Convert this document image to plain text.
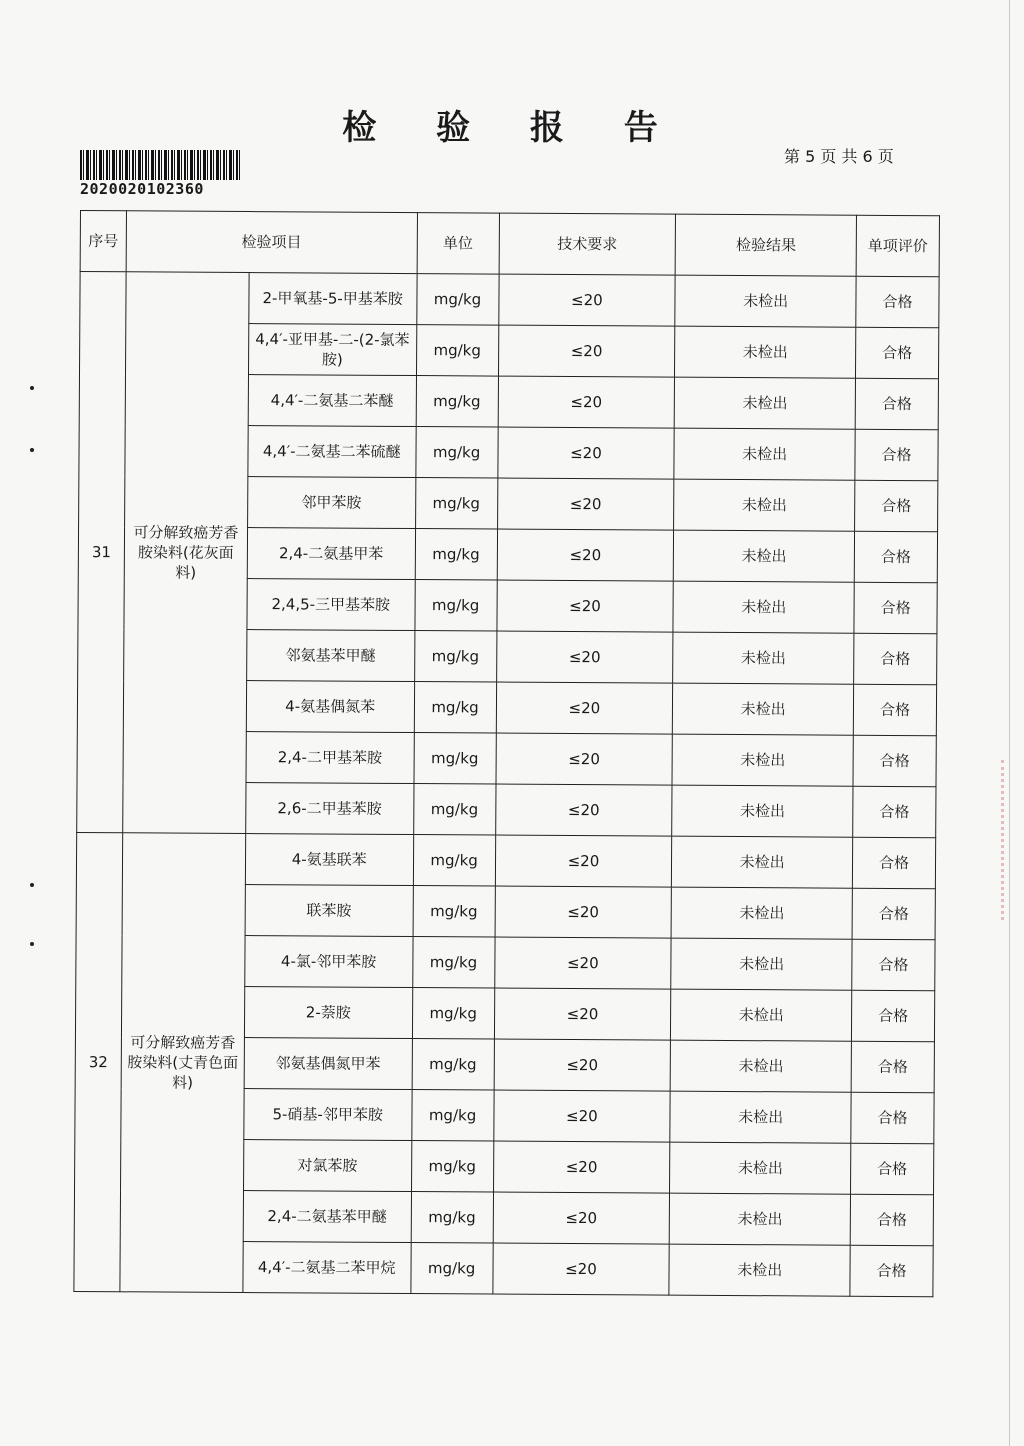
检 验 报 告
第 5 页 共 6 页
2020020102360
序号	检验项目		单位	技术要求	检验结果	单项评价
31	可分解致癌芳香胺染料(花灰面料)	2-甲氧基-5-甲基苯胺	mg/kg	≤20	未检出	合格
		4,4′-亚甲基-二-(2-氯苯胺)	mg/kg	≤20	未检出	合格
		4,4′-二氨基二苯醚	mg/kg	≤20	未检出	合格
		4,4′-二氨基二苯硫醚	mg/kg	≤20	未检出	合格
		邻甲苯胺	mg/kg	≤20	未检出	合格
		2,4-二氨基甲苯	mg/kg	≤20	未检出	合格
		2,4,5-三甲基苯胺	mg/kg	≤20	未检出	合格
		邻氨基苯甲醚	mg/kg	≤20	未检出	合格
		4-氨基偶氮苯	mg/kg	≤20	未检出	合格
		2,4-二甲基苯胺	mg/kg	≤20	未检出	合格
		2,6-二甲基苯胺	mg/kg	≤20	未检出	合格
32	可分解致癌芳香胺染料(丈青色面料)	4-氨基联苯	mg/kg	≤20	未检出	合格
		联苯胺	mg/kg	≤20	未检出	合格
		4-氯-邻甲苯胺	mg/kg	≤20	未检出	合格
		2-萘胺	mg/kg	≤20	未检出	合格
		邻氨基偶氮甲苯	mg/kg	≤20	未检出	合格
		5-硝基-邻甲苯胺	mg/kg	≤20	未检出	合格
		对氯苯胺	mg/kg	≤20	未检出	合格
		2,4-二氨基苯甲醚	mg/kg	≤20	未检出	合格
		4,4′-二氨基二苯甲烷	mg/kg	≤20	未检出	合格
